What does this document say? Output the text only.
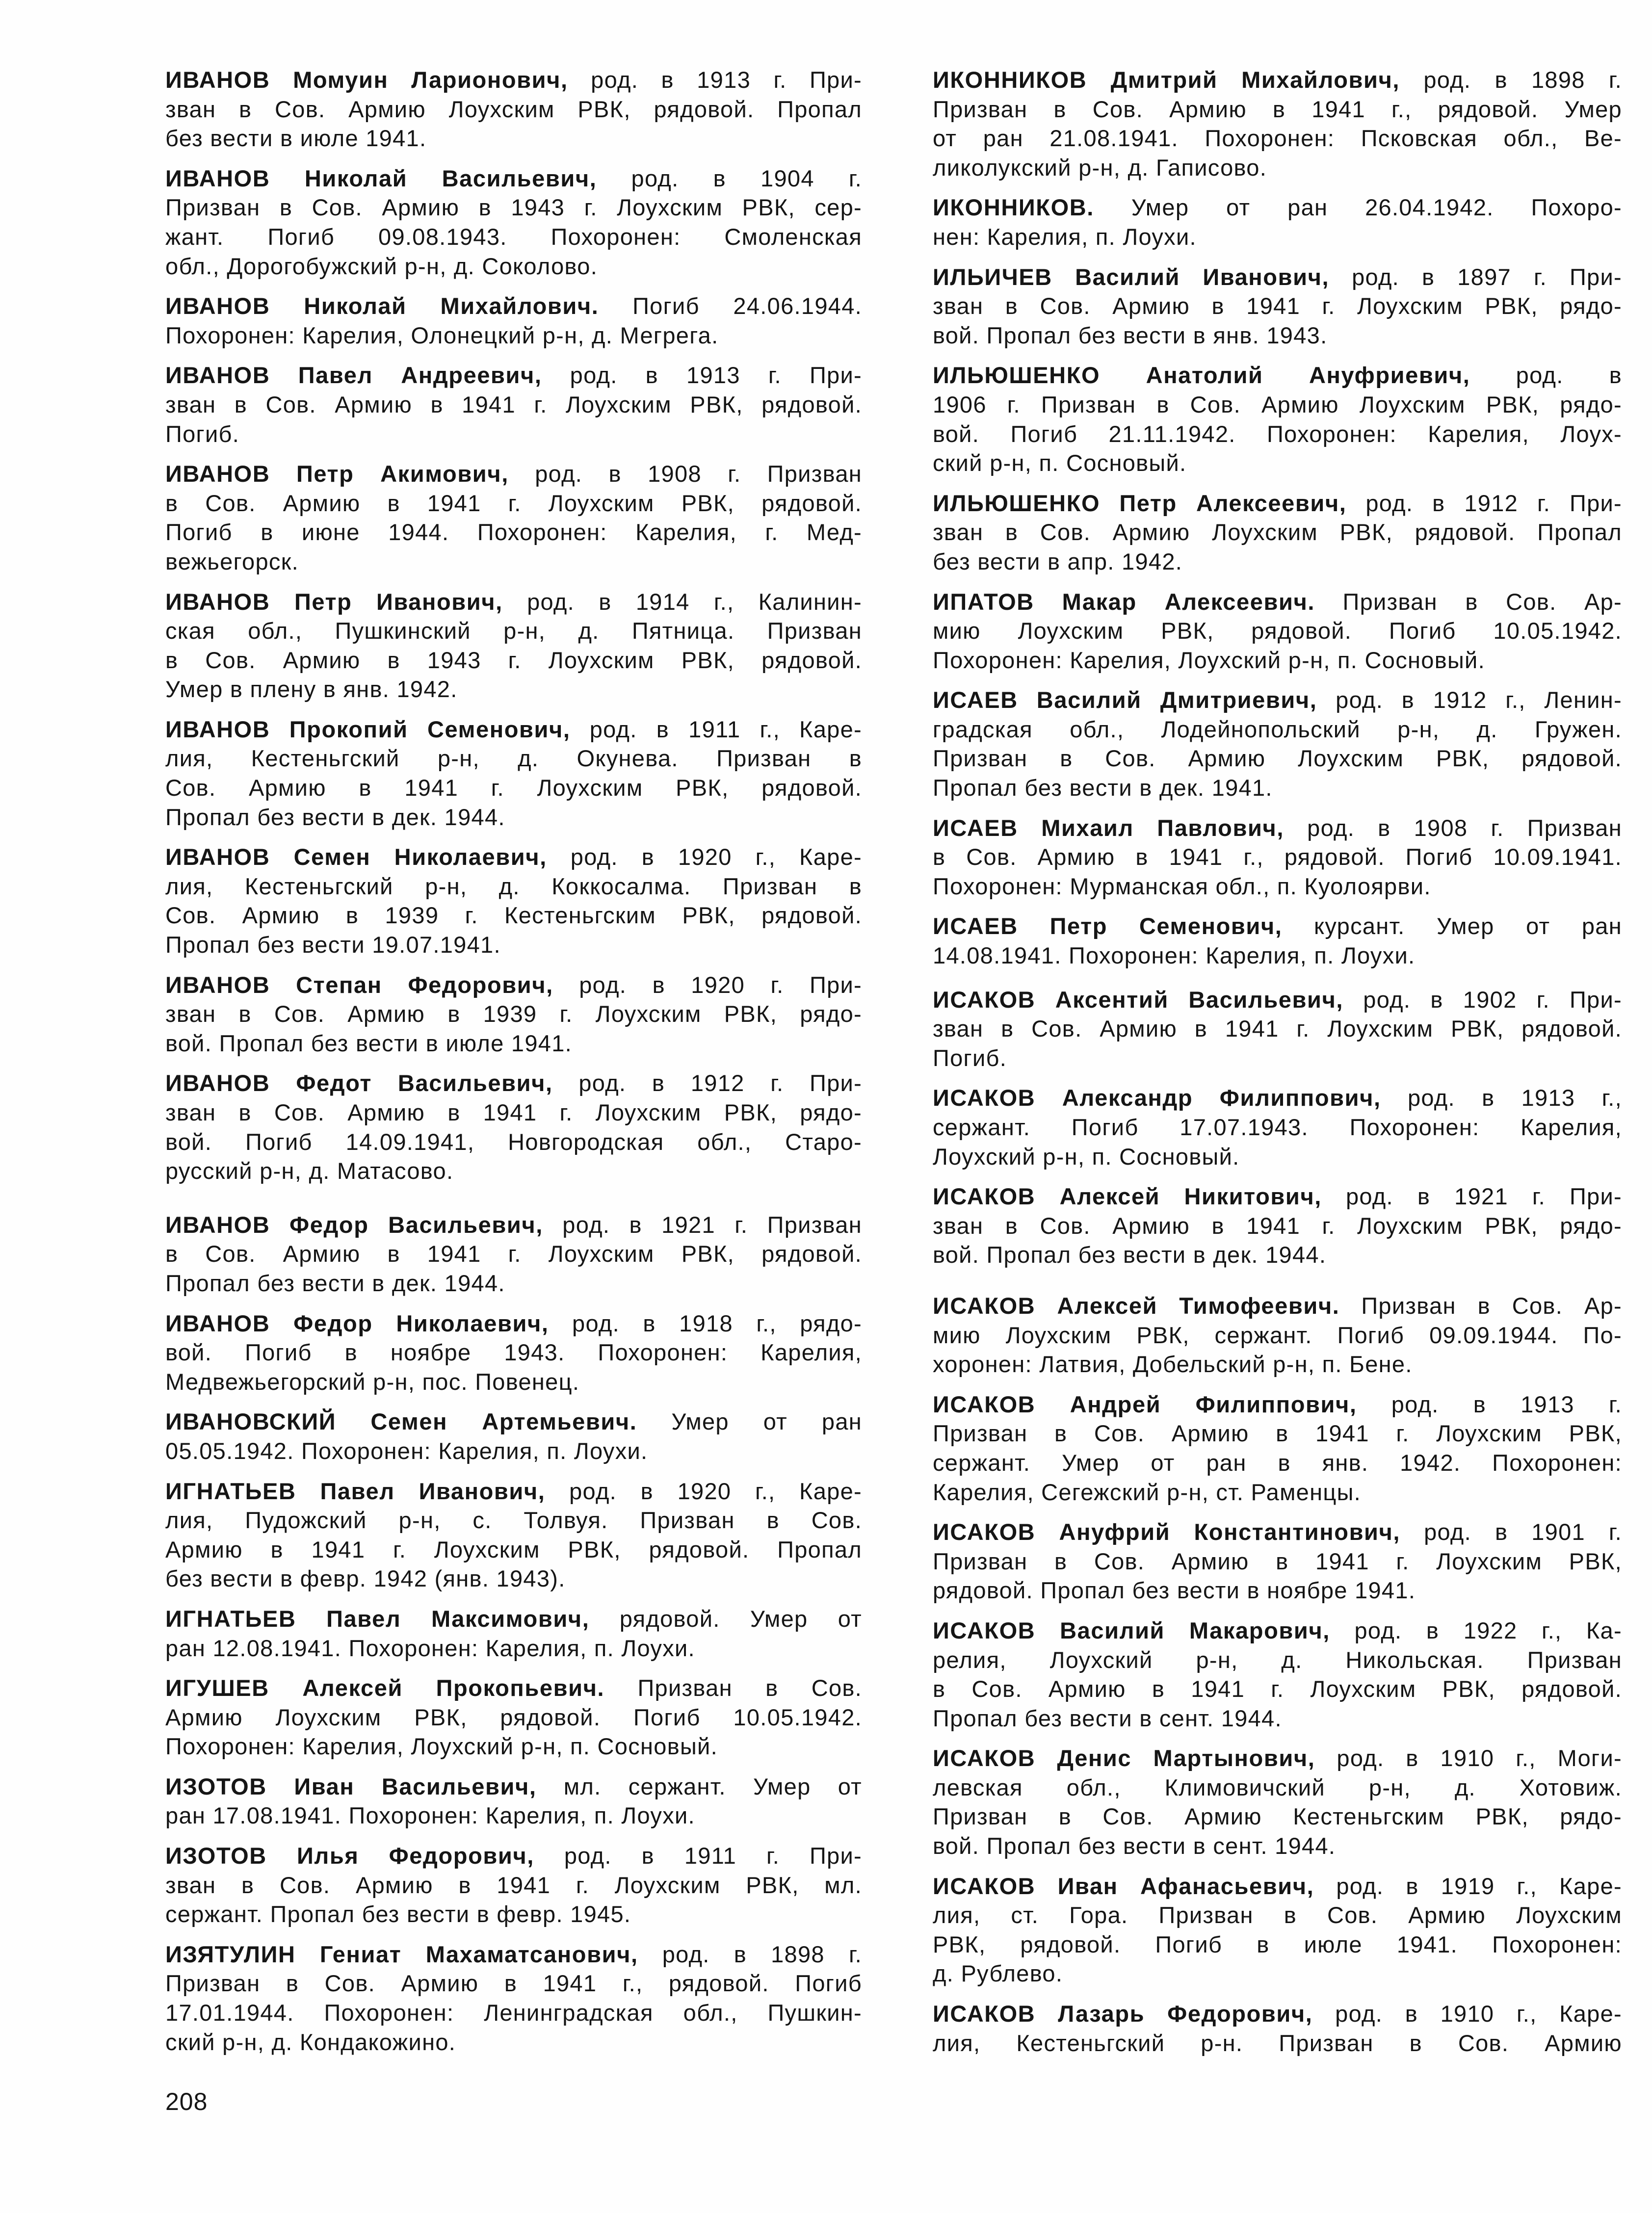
ИВАНОВ Момуин Ларионович, род. в 1913 г. При-
зван в Сов. Армию Лоухским РВК, рядовой. Пропал
без вести в июле 1941.
ИВАНОВ Николай Васильевич, род. в 1904 г.
Призван в Сов. Армию в 1943 г. Лоухским РВК, сер-
жант. Погиб 09.08.1943. Похоронен: Смоленская
обл., Дорогобужский р-н, д. Соколово.
ИВАНОВ Николай Михайлович. Погиб 24.06.1944.
Похоронен: Карелия, Олонецкий р-н, д. Мегрега.
ИВАНОВ Павел Андреевич, род. в 1913 г. При-
зван в Сов. Армию в 1941 г. Лоухским РВК, рядовой.
Погиб.
ИВАНОВ Петр Акимович, род. в 1908 г. Призван
в Сов. Армию в 1941 г. Лоухским РВК, рядовой.
Погиб в июне 1944. Похоронен: Карелия, г. Мед-
вежьегорск.
ИВАНОВ Петр Иванович, род. в 1914 г., Калинин-
ская обл., Пушкинский р-н, д. Пятница. Призван
в Сов. Армию в 1943 г. Лоухским РВК, рядовой.
Умер в плену в янв. 1942.
ИВАНОВ Прокопий Семенович, род. в 1911 г., Каре-
лия, Кестеньгский р-н, д. Окунева. Призван в
Сов. Армию в 1941 г. Лоухским РВК, рядовой.
Пропал без вести в дек. 1944.
ИВАНОВ Семен Николаевич, род. в 1920 г., Каре-
лия, Кестеньгский р-н, д. Коккосалма. Призван в
Сов. Армию в 1939 г. Кестеньгским РВК, рядовой.
Пропал без вести 19.07.1941.
ИВАНОВ Степан Федорович, род. в 1920 г. При-
зван в Сов. Армию в 1939 г. Лоухским РВК, рядо-
вой. Пропал без вести в июле 1941.
ИВАНОВ Федот Васильевич, род. в 1912 г. При-
зван в Сов. Армию в 1941 г. Лоухским РВК, рядо-
вой. Погиб 14.09.1941, Новгородская обл., Старо-
русский р-н, д. Матасово.
ИВАНОВ Федор Васильевич, род. в 1921 г. Призван
в Сов. Армию в 1941 г. Лоухским РВК, рядовой.
Пропал без вести в дек. 1944.
ИВАНОВ Федор Николаевич, род. в 1918 г., рядо-
вой. Погиб в ноябре 1943. Похоронен: Карелия,
Медвежьегорский р-н, пос. Повенец.
ИВАНОВСКИЙ Семен Артемьевич. Умер от ран
05.05.1942. Похоронен: Карелия, п. Лоухи.
ИГНАТЬЕВ Павел Иванович, род. в 1920 г., Каре-
лия, Пудожский р-н, с. Толвуя. Призван в Сов.
Армию в 1941 г. Лоухским РВК, рядовой. Пропал
без вести в февр. 1942 (янв. 1943).
ИГНАТЬЕВ Павел Максимович, рядовой. Умер от
ран 12.08.1941. Похоронен: Карелия, п. Лоухи.
ИГУШЕВ Алексей Прокопьевич. Призван в Сов.
Армию Лоухским РВК, рядовой. Погиб 10.05.1942.
Похоронен: Карелия, Лоухский р-н, п. Сосновый.
ИЗОТОВ Иван Васильевич, мл. сержант. Умер от
ран 17.08.1941. Похоронен: Карелия, п. Лоухи.
ИЗОТОВ Илья Федорович, род. в 1911 г. При-
зван в Сов. Армию в 1941 г. Лоухским РВК, мл.
сержант. Пропал без вести в февр. 1945.
ИЗЯТУЛИН Гениат Махаматсанович, род. в 1898 г.
Призван в Сов. Армию в 1941 г., рядовой. Погиб
17.01.1944. Похоронен: Ленинградская обл., Пушкин-
ский р-н, д. Кондакожино.
ИКОННИКОВ Дмитрий Михайлович, род. в 1898 г.
Призван в Сов. Армию в 1941 г., рядовой. Умер
от ран 21.08.1941. Похоронен: Псковская обл., Ве-
ликолукский р-н, д. Гаписово.
ИКОННИКОВ. Умер от ран 26.04.1942. Похоро-
нен: Карелия, п. Лоухи.
ИЛЬИЧЕВ Василий Иванович, род. в 1897 г. При-
зван в Сов. Армию в 1941 г. Лоухским РВК, рядо-
вой. Пропал без вести в янв. 1943.
ИЛЬЮШЕНКО Анатолий Ануфриевич, род. в
1906 г. Призван в Сов. Армию Лоухским РВК, рядо-
вой. Погиб 21.11.1942. Похоронен: Карелия, Лоух-
ский р-н, п. Сосновый.
ИЛЬЮШЕНКО Петр Алексеевич, род. в 1912 г. При-
зван в Сов. Армию Лоухским РВК, рядовой. Пропал
без вести в апр. 1942.
ИПАТОВ Макар Алексеевич. Призван в Сов. Ар-
мию Лоухским РВК, рядовой. Погиб 10.05.1942.
Похоронен: Карелия, Лоухский р-н, п. Сосновый.
ИСАЕВ Василий Дмитриевич, род. в 1912 г., Ленин-
градская обл., Лодейнопольский р-н, д. Гружен.
Призван в Сов. Армию Лоухским РВК, рядовой.
Пропал без вести в дек. 1941.
ИСАЕВ Михаил Павлович, род. в 1908 г. Призван
в Сов. Армию в 1941 г., рядовой. Погиб 10.09.1941.
Похоронен: Мурманская обл., п. Куолоярви.
ИСАЕВ Петр Семенович, курсант. Умер от ран
14.08.1941. Похоронен: Карелия, п. Лоухи.
ИСАКОВ Аксентий Васильевич, род. в 1902 г. При-
зван в Сов. Армию в 1941 г. Лоухским РВК, рядовой.
Погиб.
ИСАКОВ Александр Филиппович, род. в 1913 г.,
сержант. Погиб 17.07.1943. Похоронен: Карелия,
Лоухский р-н, п. Сосновый.
ИСАКОВ Алексей Никитович, род. в 1921 г. При-
зван в Сов. Армию в 1941 г. Лоухским РВК, рядо-
вой. Пропал без вести в дек. 1944.
ИСАКОВ Алексей Тимофеевич. Призван в Сов. Ар-
мию Лоухским РВК, сержант. Погиб 09.09.1944. По-
хоронен: Латвия, Добельский р-н, п. Бене.
ИСАКОВ Андрей Филиппович, род. в 1913 г.
Призван в Сов. Армию в 1941 г. Лоухским РВК,
сержант. Умер от ран в янв. 1942. Похоронен:
Карелия, Сегежский р-н, ст. Раменцы.
ИСАКОВ Ануфрий Константинович, род. в 1901 г.
Призван в Сов. Армию в 1941 г. Лоухским РВК,
рядовой. Пропал без вести в ноябре 1941.
ИСАКОВ Василий Макарович, род. в 1922 г., Ка-
релия, Лоухский р-н, д. Никольская. Призван
в Сов. Армию в 1941 г. Лоухским РВК, рядовой.
Пропал без вести в сент. 1944.
ИСАКОВ Денис Мартынович, род. в 1910 г., Моги-
левская обл., Климовичский р-н, д. Хотовиж.
Призван в Сов. Армию Кестеньгским РВК, рядо-
вой. Пропал без вести в сент. 1944.
ИСАКОВ Иван Афанасьевич, род. в 1919 г., Каре-
лия, ст. Гора. Призван в Сов. Армию Лоухским
РВК, рядовой. Погиб в июле 1941. Похоронен:
д. Рублево.
ИСАКОВ Лазарь Федорович, род. в 1910 г., Каре-
лия, Кестеньгский р-н. Призван в Сов. Армию
208
